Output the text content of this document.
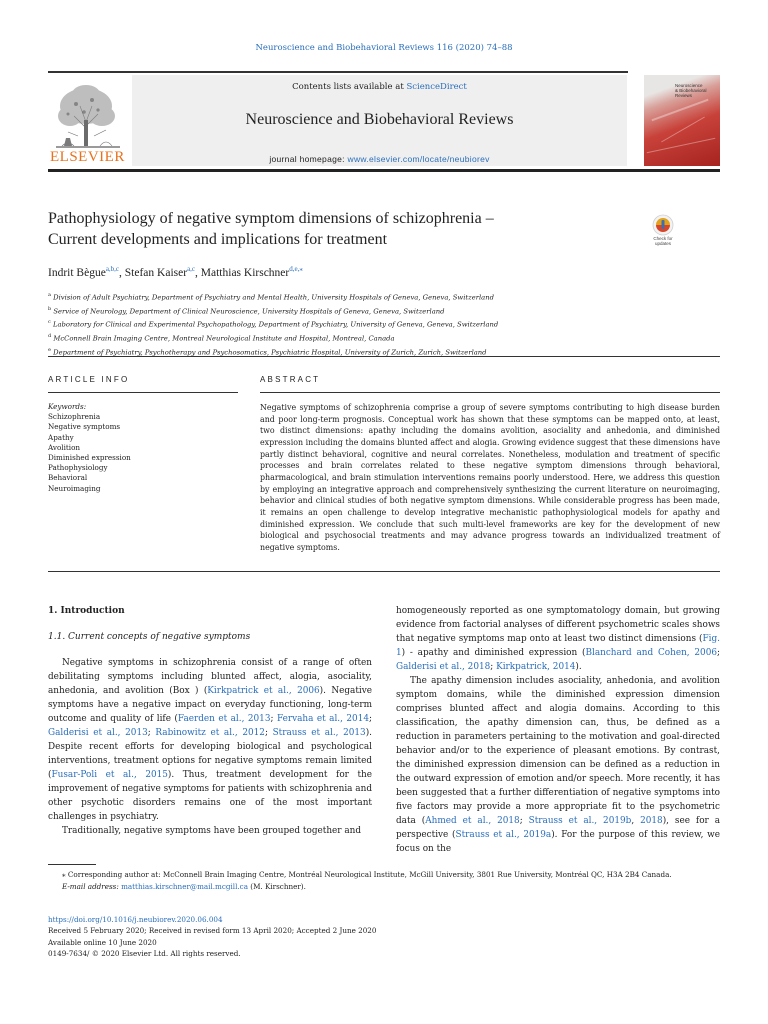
Neuroscience and Biobehavioral Reviews 116 (2020) 74–88
ELSEVIER
Contents lists available at ScienceDirect
Neuroscience and Biobehavioral Reviews
journal homepage: www.elsevier.com/locate/neubiorev
Neuroscience
& Biobehavioral
Reviews
Pathophysiology of negative symptom dimensions of schizophrenia –
Current developments and implications for treatment	Check for
updates
Indrit Bègue$^{a,b,c}$, Stefan Kaiser$^{a,c}$, Matthias Kirschner$^{d,e,⁎}$
$^a$ Division of Adult Psychiatry, Department of Psychiatry and Mental Health, University Hospitals of Geneva, Geneva, Switzerland
$^b$ Service of Neurology, Department of Clinical Neuroscience, University Hospitals of Geneva, Geneva, Switzerland
$^c$ Laboratory for Clinical and Experimental Psychopathology, Department of Psychiatry, University of Geneva, Geneva, Switzerland
$^d$ McConnell Brain Imaging Centre, Montreal Neurological Institute and Hospital, Montreal, Canada
$^e$ Department of Psychiatry, Psychotherapy and Psychosomatics, Psychiatric Hospital, University of Zurich, Zurich, Switzerland
ARTICLE INFO	ABSTRACT
Keywords:
Schizophrenia
Negative symptoms
Apathy
Avolition
Diminished expression
Pathophysiology
Behavioral
Neuroimaging
Negative symptoms of schizophrenia comprise a group of severe symptoms contributing to high disease burden and poor long-term prognosis. Conceptual work has shown that these symptoms can be mapped onto, at least, two distinct dimensions: apathy including the domains avolition, asociality and anhedonia, and diminished expression including the domains blunted affect and alogia. Growing evidence suggest that these dimensions have partly distinct behavioral, cognitive and neural correlates. Nonetheless, modulation and treatment of specific processes and brain correlates related to these negative symptom dimensions through behavioral, pharmacological, and brain stimulation interventions remains poorly understood. Here, we address this question by employing an integrative approach and comprehensively synthesizing the current literature on neuroimaging, behavior and clinical studies of both negative symptom dimensions. While considerable progress has been made, it remains an open challenge to develop integrative mechanistic pathophysiological models for apathy and diminished expression. We conclude that such multi-level frameworks are key for the development of new biological and psychosocial treatments and may advance progress towards an individualized treatment of negative symptoms.
1. Introduction
1.1. Current concepts of negative symptoms

Negative symptoms in schizophrenia consist of a range of often debilitating symptoms including blunted affect, alogia, asociality, anhedonia, and avolition (Box ) (Kirkpatrick et al., 2006). Negative symptoms have a negative impact on everyday functioning, long-term outcome and quality of life (Faerden et al., 2013; Fervaha et al., 2014; Galderisi et al., 2013; Rabinowitz et al., 2012; Strauss et al., 2013). Despite recent efforts for developing biological and psychological interventions, treatment options for negative symptoms remain limited (Fusar-Poli et al., 2015). Thus, treatment development for the improvement of negative symptoms for patients with schizophrenia and other psychotic disorders remains one of the most important challenges in psychiatry.

Traditionally, negative symptoms have been grouped together and

homogeneously reported as one symptomatology domain, but growing evidence from factorial analyses of different psychometric scales shows that negative symptoms map onto at least two distinct dimensions (Fig. 1) - apathy and diminished expression (Blanchard and Cohen, 2006; Galderisi et al., 2018; Kirkpatrick, 2014).

The apathy dimension includes asociality, anhedonia, and avolition symptom domains, while the diminished expression dimension comprises blunted affect and alogia domains. According to this classification, the apathy dimension can, thus, be defined as a reduction in parameters pertaining to the motivation and goal-directed behavior and/or to the experience of pleasant emotions. By contrast, the diminished expression dimension can be defined as a reduction in the outward expression of emotion and/or speech. More recently, it has been suggested that a further differentiation of negative symptoms into five factors may provide a more appropriate fit to the psychometric data (Ahmed et al., 2018; Strauss et al., 2019b, 2018), see for a perspective (Strauss et al., 2019a). For the purpose of this review, we focus on the

⁎ Corresponding author at: McConnell Brain Imaging Centre, Montréal Neurological Institute, McGill University, 3801 Rue University, Montréal QC, H3A 2B4 Canada.
E-mail address: matthias.kirschner@mail.mcgill.ca (M. Kirschner).
https://doi.org/10.1016/j.neubiorev.2020.06.004
Received 5 February 2020; Received in revised form 13 April 2020; Accepted 2 June 2020
Available online 10 June 2020
0149-7634/ © 2020 Elsevier Ltd. All rights reserved.
